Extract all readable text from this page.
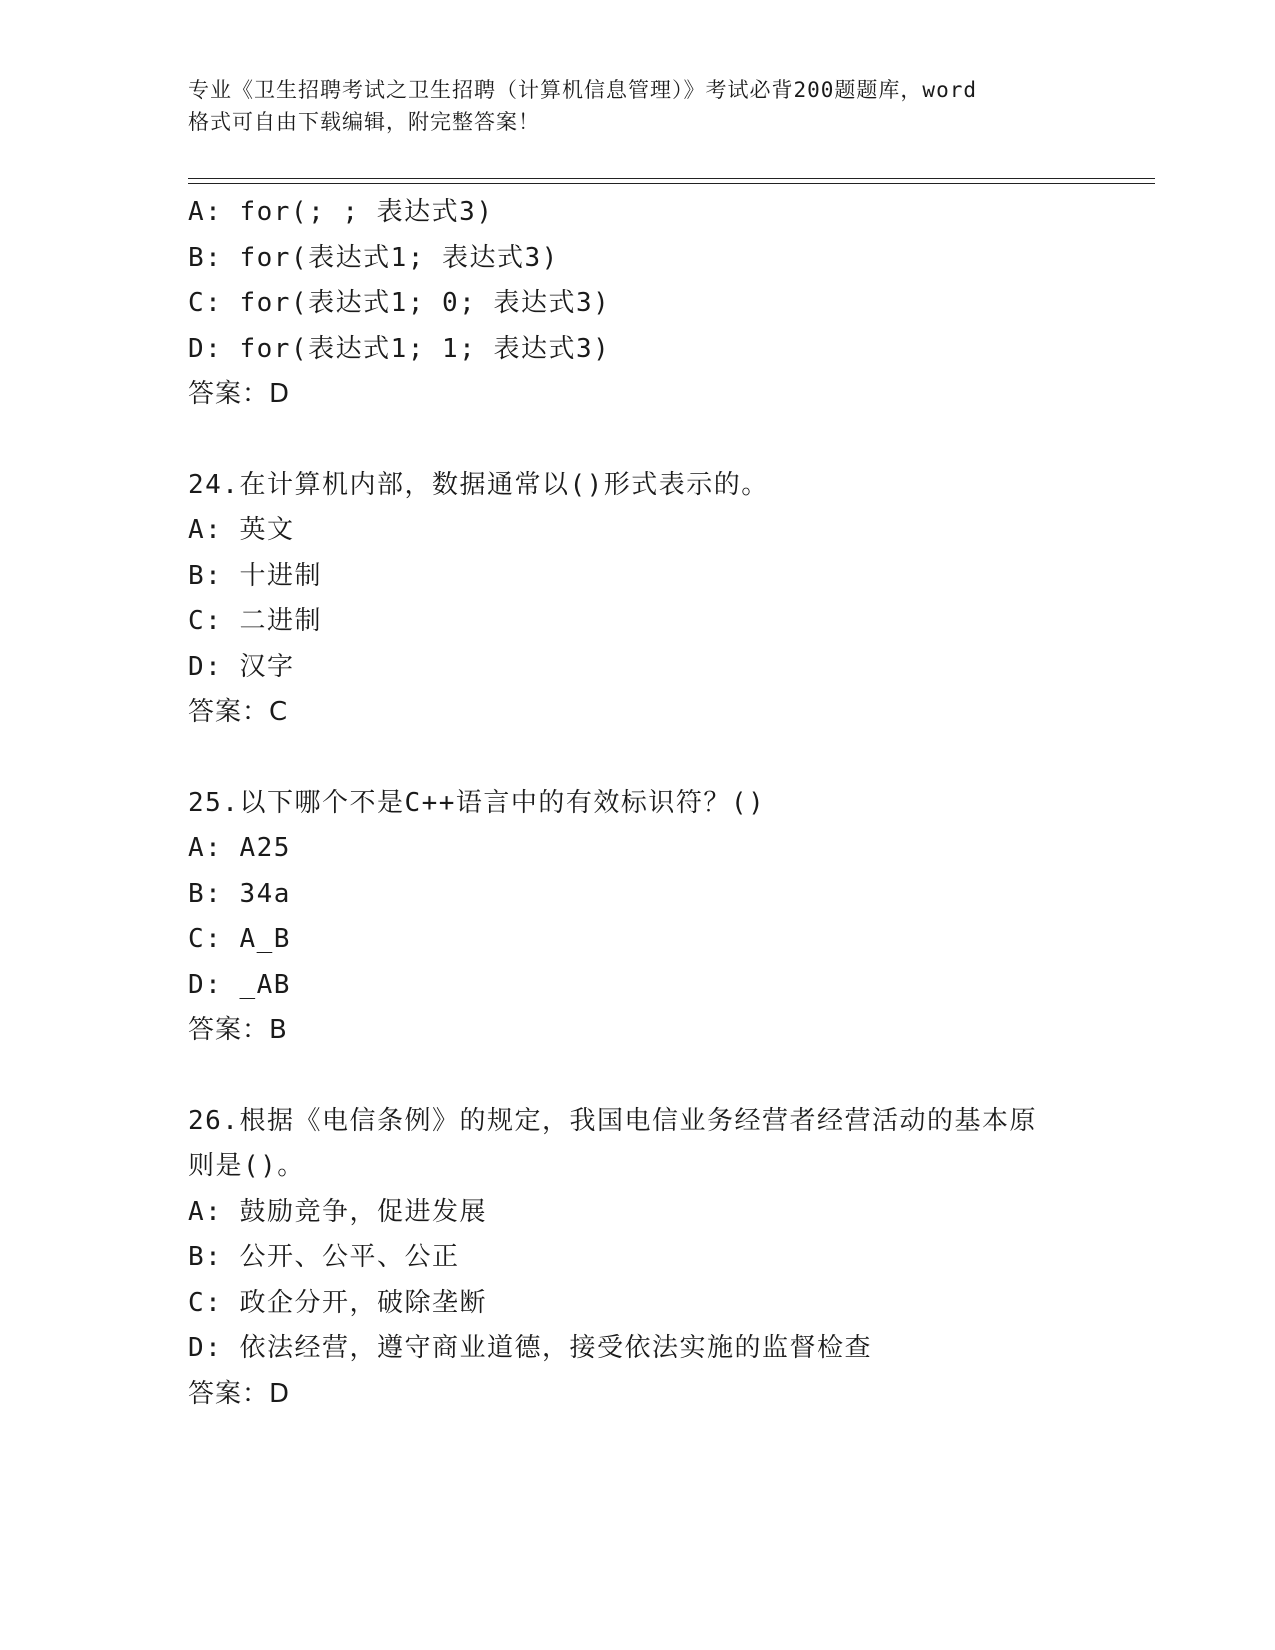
专业《卫生招聘考试之卫生招聘（计算机信息管理）》考试必背200题题库，word
格式可自由下载编辑，附完整答案！
A: for(; ; 表达式3)
B: for(表达式1; 表达式3)
C: for(表达式1; 0; 表达式3)
D: for(表达式1; 1; 表达式3)
答案：D
24.在计算机内部，数据通常以()形式表示的。
A: 英文
B: 十进制
C: 二进制
D: 汉字
答案：C
25.以下哪个不是C++语言中的有效标识符？()
A: A25
B: 34a
C: A_B
D: _AB
答案：B
26.根据《电信条例》的规定，我国电信业务经营者经营活动的基本原
则是()。
A: 鼓励竞争，促进发展
B: 公开、公平、公正
C: 政企分开，破除垄断
D: 依法经营，遵守商业道德，接受依法实施的监督检查
答案：D
